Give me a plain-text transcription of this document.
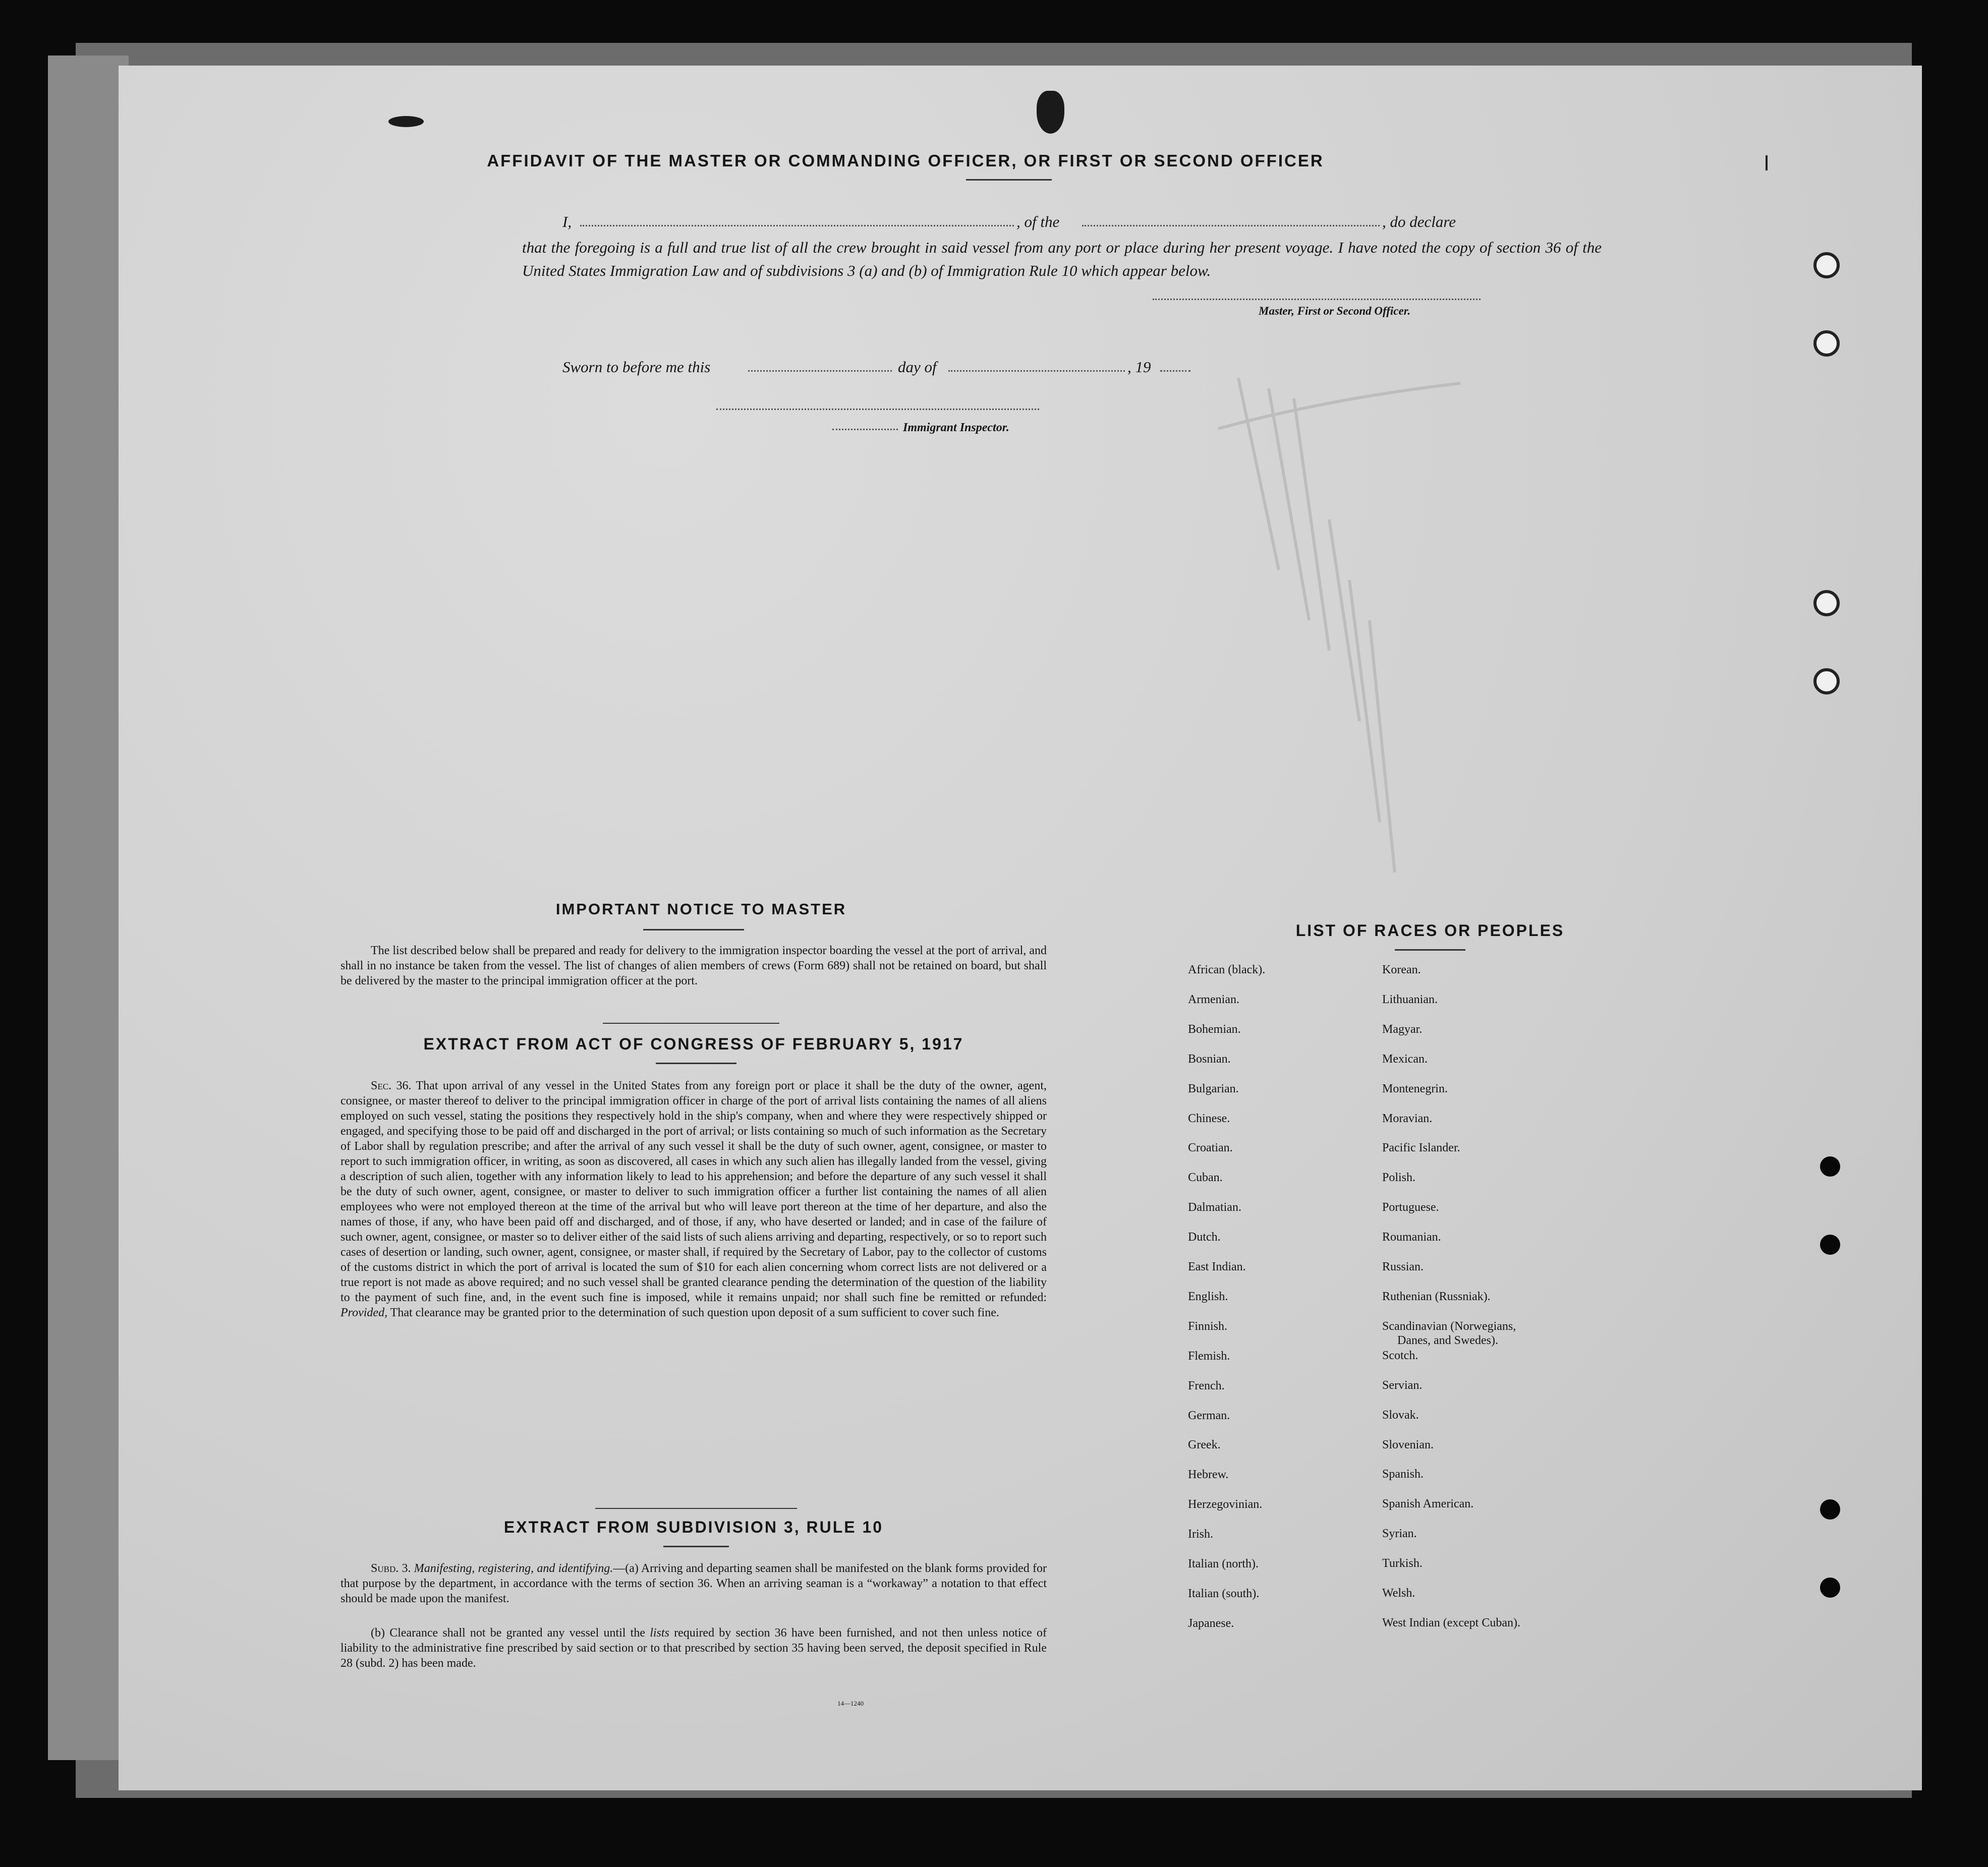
AFFIDAVIT OF THE MASTER OR COMMANDING OFFICER, OR FIRST OR SECOND OFFICER
I,	, of the	, do declare
that the foregoing is a full and true list of all the crew brought in said vessel from any port or place during her present voyage. I have noted the copy of section 36 of the United States Immigration Law and of subdivisions 3 (a) and (b) of Immigration Rule 10 which appear below.
Master, First or Second Officer.
Sworn to before me this	day of	, 19
Immigrant Inspector.
IMPORTANT NOTICE TO MASTER
The list described below shall be prepared and ready for delivery to the immigration inspector boarding the vessel at the port of arrival, and shall in no instance be taken from the vessel. The list of changes of alien members of crews (Form 689) shall not be retained on board, but shall be delivered by the master to the principal immigration officer at the port.
EXTRACT FROM ACT OF CONGRESS OF FEBRUARY 5, 1917
Sec. 36. That upon arrival of any vessel in the United States from any foreign port or place it shall be the duty of the owner, agent, consignee, or master thereof to deliver to the principal immigration officer in charge of the port of arrival lists containing the names of all aliens employed on such vessel, stating the positions they respectively hold in the ship's company, when and where they were respectively shipped or engaged, and specifying those to be paid off and discharged in the port of arrival; or lists containing so much of such information as the Secretary of Labor shall by regulation prescribe; and after the arrival of any such vessel it shall be the duty of such owner, agent, consignee, or master to report to such immigration officer, in writing, as soon as discovered, all cases in which any such alien has illegally landed from the vessel, giving a description of such alien, together with any information likely to lead to his apprehension; and before the departure of any such vessel it shall be the duty of such owner, agent, consignee, or master to deliver to such immigration officer a further list containing the names of all alien employees who were not employed thereon at the time of the arrival but who will leave port thereon at the time of her departure, and also the names of those, if any, who have been paid off and discharged, and of those, if any, who have deserted or landed; and in case of the failure of such owner, agent, consignee, or master so to deliver either of the said lists of such aliens arriving and departing, respectively, or so to report such cases of desertion or landing, such owner, agent, consignee, or master shall, if required by the Secretary of Labor, pay to the collector of customs of the customs district in which the port of arrival is located the sum of $10 for each alien concerning whom correct lists are not delivered or a true report is not made as above required; and no such vessel shall be granted clearance pending the determination of the question of the liability to the payment of such fine, and, in the event such fine is imposed, while it remains unpaid; nor shall such fine be remitted or refunded: Provided, That clearance may be granted prior to the determination of such question upon deposit of a sum sufficient to cover such fine.
EXTRACT FROM SUBDIVISION 3, RULE 10
Subd. 3. Manifesting, registering, and identifying.—(a) Arriving and departing seamen shall be manifested on the blank forms provided for that purpose by the department, in accordance with the terms of section 36. When an arriving seaman is a “workaway” a notation to that effect should be made upon the manifest.
(b) Clearance shall not be granted any vessel until the lists required by section 36 have been furnished, and not then unless notice of liability to the administrative fine prescribed by said section or to that prescribed by section 35 having been served, the deposit specified in Rule 28 (subd. 2) has been made.
14—1240
LIST OF RACES OR PEOPLES
African (black).
Armenian.
Bohemian.
Bosnian.
Bulgarian.
Chinese.
Croatian.
Cuban.
Dalmatian.
Dutch.
East Indian.
English.
Finnish.
Flemish.
French.
German.
Greek.
Hebrew.
Herzegovinian.
Irish.
Italian (north).
Italian (south).
Japanese.
Korean.
Lithuanian.
Magyar.
Mexican.
Montenegrin.
Moravian.
Pacific Islander.
Polish.
Portuguese.
Roumanian.
Russian.
Ruthenian (Russniak).
Scandinavian (Norwegians,
Danes, and Swedes).
Scotch.
Servian.
Slovak.
Slovenian.
Spanish.
Spanish American.
Syrian.
Turkish.
Welsh.
West Indian (except Cuban).
